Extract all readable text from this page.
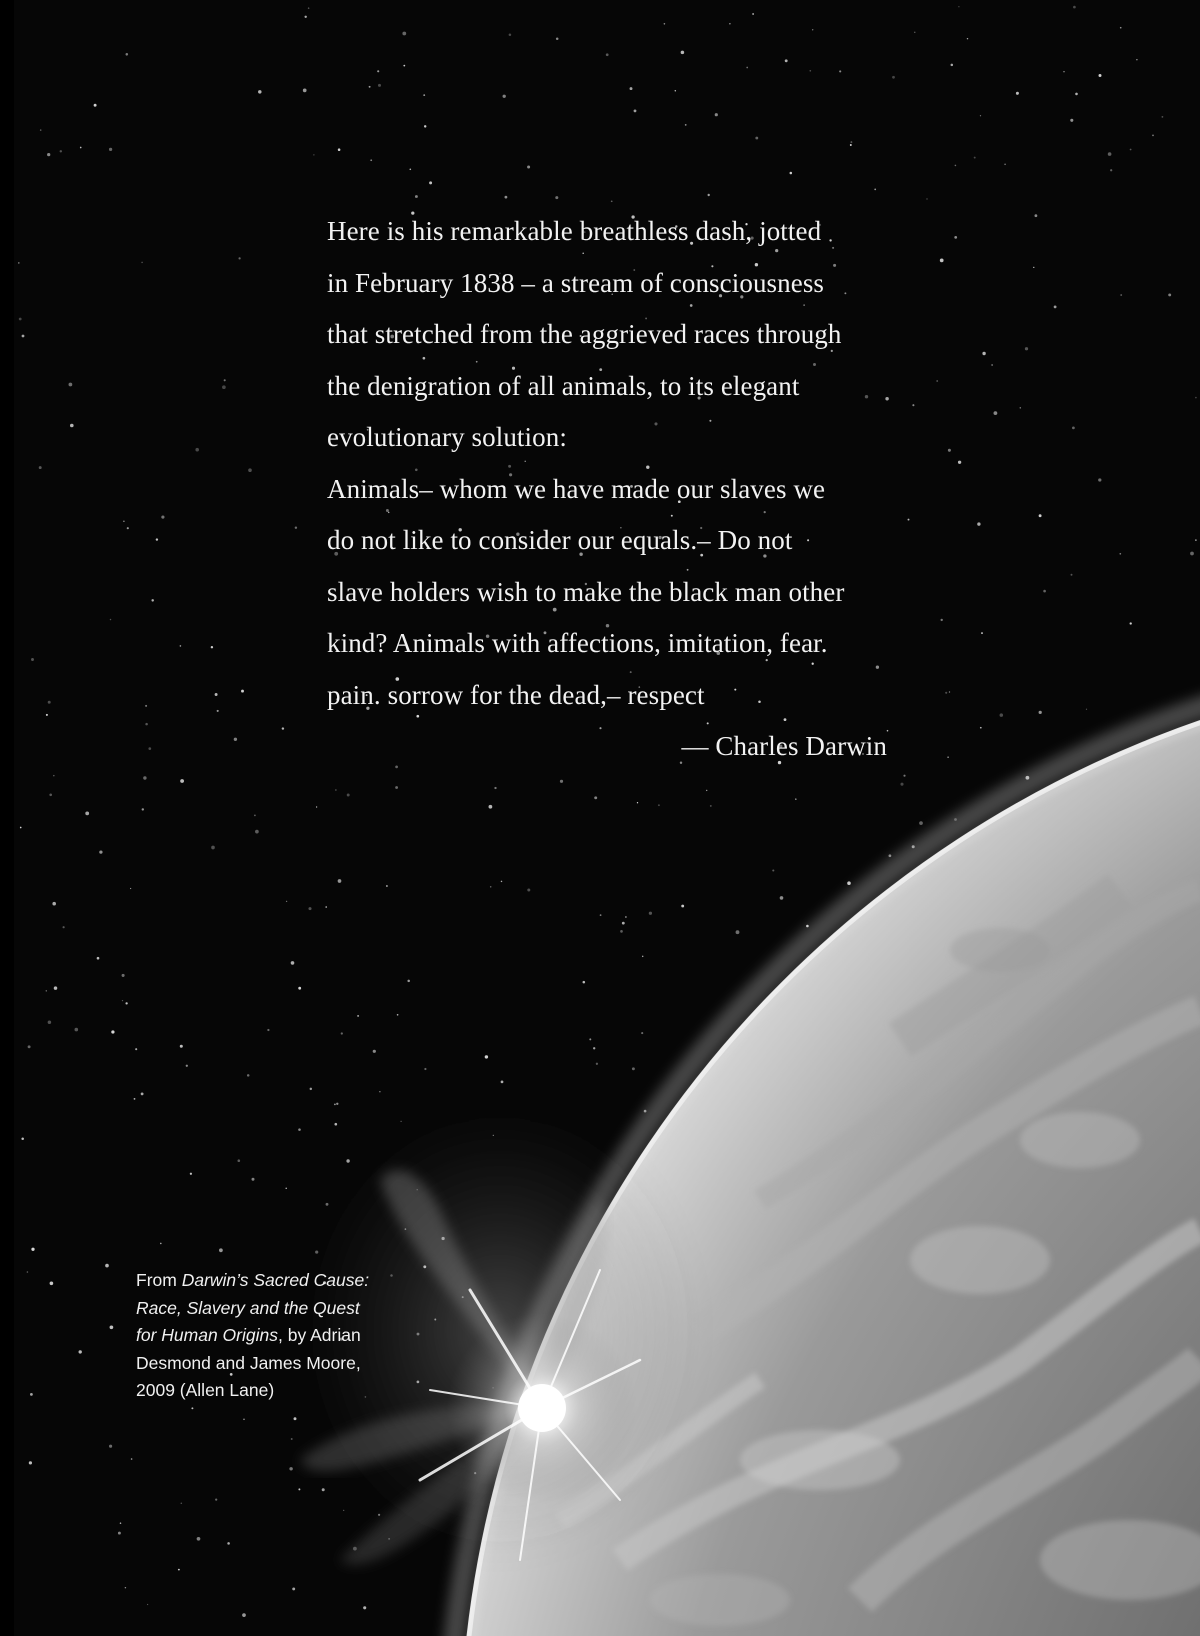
Here is his remarkable breathless dash, jotted
in February 1838 – a stream of consciousness
that stretched from the aggrieved races through
the denigration of all animals, to its elegant
evolutionary solution:
Animals– whom we have made our slaves we
do not like to consider our equals.– Do not
slave holders wish to make the black man other
kind? Animals with affections, imitation, fear.
pain. sorrow for the dead,– respect
— Charles Darwin
From Darwin’s Sacred Cause:
Race, Slavery and the Quest
for Human Origins, by Adrian
Desmond and James Moore,
2009 (Allen Lane)
